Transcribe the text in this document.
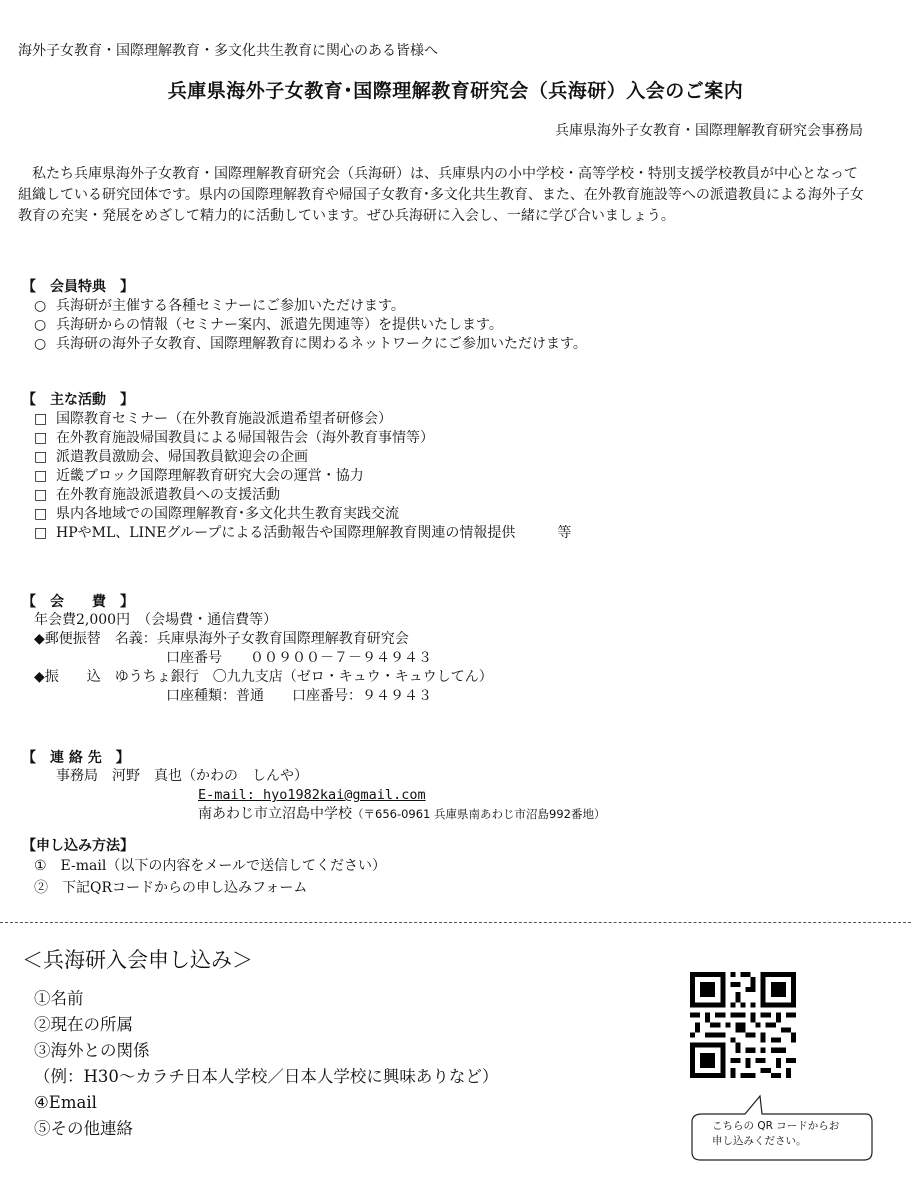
海外子女教育・国際理解教育・多文化共生教育に関心のある皆様へ
兵庫県海外子女教育･国際理解教育研究会（兵海研）入会のご案内
兵庫県海外子女教育・国際理解教育研究会事務局

私たち兵庫県海外子女教育・国際理解教育研究会（兵海研）は、兵庫県内の小中学校・高等学校・特別支援学校教員が中心となって組織している研究団体です。県内の国際理解教育や帰国子女教育･多文化共生教育、また、在外教育施設等への派遣教員による海外子女教育の充実・発展をめざして精力的に活動しています。ぜひ兵海研に入会し、一緒に学び合いましょう。

【　会員特典　】
○ 兵海研が主催する各種セミナーにご参加いただけます。
○ 兵海研からの情報（セミナー案内、派遣先関連等）を提供いたします。
○ 兵海研の海外子女教育、国際理解教育に関わるネットワークにご参加いただけます。
【　主な活動　】
□ 国際教育セミナー（在外教育施設派遣希望者研修会）
□ 在外教育施設帰国教員による帰国報告会（海外教育事情等）
□ 派遣教員激励会、帰国教員歓迎会の企画
□ 近畿ブロック国際理解教育研究大会の運営・協力
□ 在外教育施設派遣教員への支援活動
□ 県内各地域での国際理解教育･多文化共生教育実践交流
□ HPやML、LINEグループによる活動報告や国際理解教育関連の情報提供　　　等
【　会　　費　】
年会費2,000円　（会場費・通信費等）
◆郵便振替　名義：兵庫県海外子女教育国際理解教育研究会
口座番号　　００９００－７－９４９４３
◆振　　込　ゆうちょ銀行　〇九九支店（ゼロ・キュウ・キュウしてん）
口座種類：普通　　口座番号：９４９４３
【　連 絡 先　】
事務局　河野　真也（かわの　しんや）
E-mail: hyo1982kai@gmail.com
南あわじ市立沼島中学校（〒656-0961 兵庫県南あわじ市沼島992番地）
【申し込み方法】
①　E-mail（以下の内容をメールで送信してください）
②　下記QRコードからの申し込みフォーム
＜兵海研入会申し込み＞
①名前
②現在の所属
③海外との関係
（例：H30～カラチ日本人学校／日本人学校に興味ありなど）
④Email
⑤その他連絡	こちらの QR コードからお
申し込みください。
